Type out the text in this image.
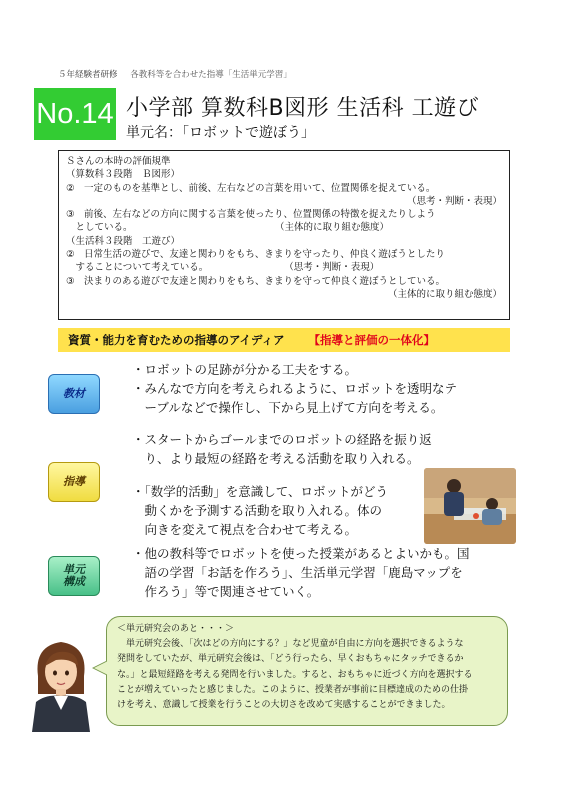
５年経験者研修 各教科等を合わせた指導「生活単元学習」
No.14 小学部 算数科B図形 生活科 工遊び
単元名：「ロボットで遊ぼう」
Ｓさんの本時の評価規準
（算数科３段階　Ｂ図形）
②　一定のものを基準とし、前後、左右などの言葉を用いて、位置関係を捉えている。
（思考・判断・表現）
③　前後、左右などの方向に関する言葉を使ったり、位置関係の特徴を捉えたりしよう
　としている。　　　　　　　　　　　　　　　　（主体的に取り組む態度）
（生活科３段階　工遊び）
②　日常生活の遊びで、友達と関わりをもち、きまりを守ったり、仲良く遊ぼうとしたり
　することについて考えている。　　　　　　　　　（思考・判断・表現）
③　決まりのある遊びで友達と関わりをもち、きまりを守って仲良く遊ぼうとしている。
（主体的に取り組む態度）
資質・能力を育むための指導のアイディア 【指導と評価の一体化】
教材
・ロボットの足跡が分かる工夫をする。
・みんなで方向を考えられるように、ロボットを透明なテ
　ーブルなどで操作し、下から見上げて方向を考える。
指導
・スタートからゴールまでのロボットの経路を振り返
　り、より最短の経路を考える活動を取り入れる。
・「数学的活動」を意識して、ロボットがどう
　動くかを予測する活動を取り入れる。体の
　向きを変えて視点を合わせて考える。
単元
構成
・他の教科等でロボットを使った授業があるとよいかも。国
　語の学習「お話を作ろう」、生活単元学習「鹿島マップを
　作ろう」等で関連させていく。
＜単元研究会のあと・・・＞
　単元研究会後、「次はどの方向にする？」など児童が自由に方向を選択できるような
発問をしていたが、単元研究会後は、「どう行ったら、早くおもちゃにタッチできるか
な。」と最短経路を考える発問を行いました。すると、おもちゃに近づく方向を選択する
ことが増えていったと感じました。このように、授業者が事前に目標達成のための仕掛
けを考え、意識して授業を行うことの大切さを改めて実感することができました。
